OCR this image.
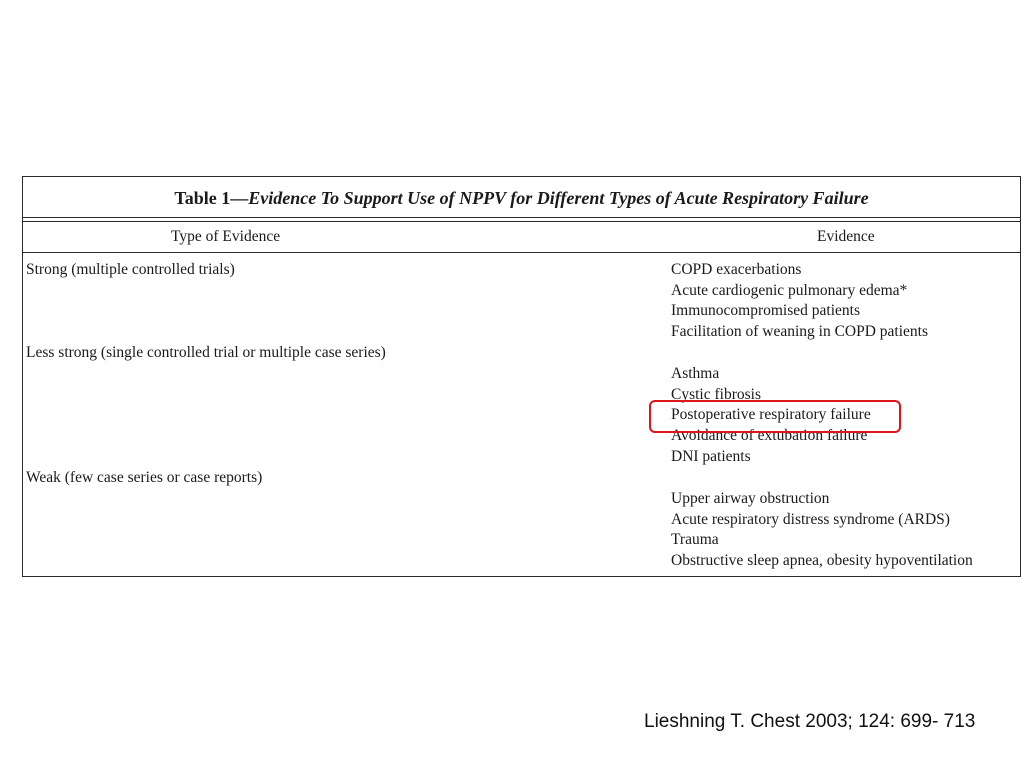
Table 1—Evidence To Support Use of NPPV for Different Types of Acute Respiratory Failure
Type of Evidence	Evidence
Strong (multiple controlled trials)	COPD exacerbations
Acute cardiogenic pulmonary edema*
Immunocompromised patients
Facilitation of weaning in COPD patients
Less strong (single controlled trial or multiple case series)
Asthma
Cystic fibrosis
Postoperative respiratory failure
Avoidance of extubation failure
DNI patients
Weak (few case series or case reports)
Upper airway obstruction
Acute respiratory distress syndrome (ARDS)
Trauma
Obstructive sleep apnea, obesity hypoventilation
Lieshning T. Chest 2003; 124: 699- 713
